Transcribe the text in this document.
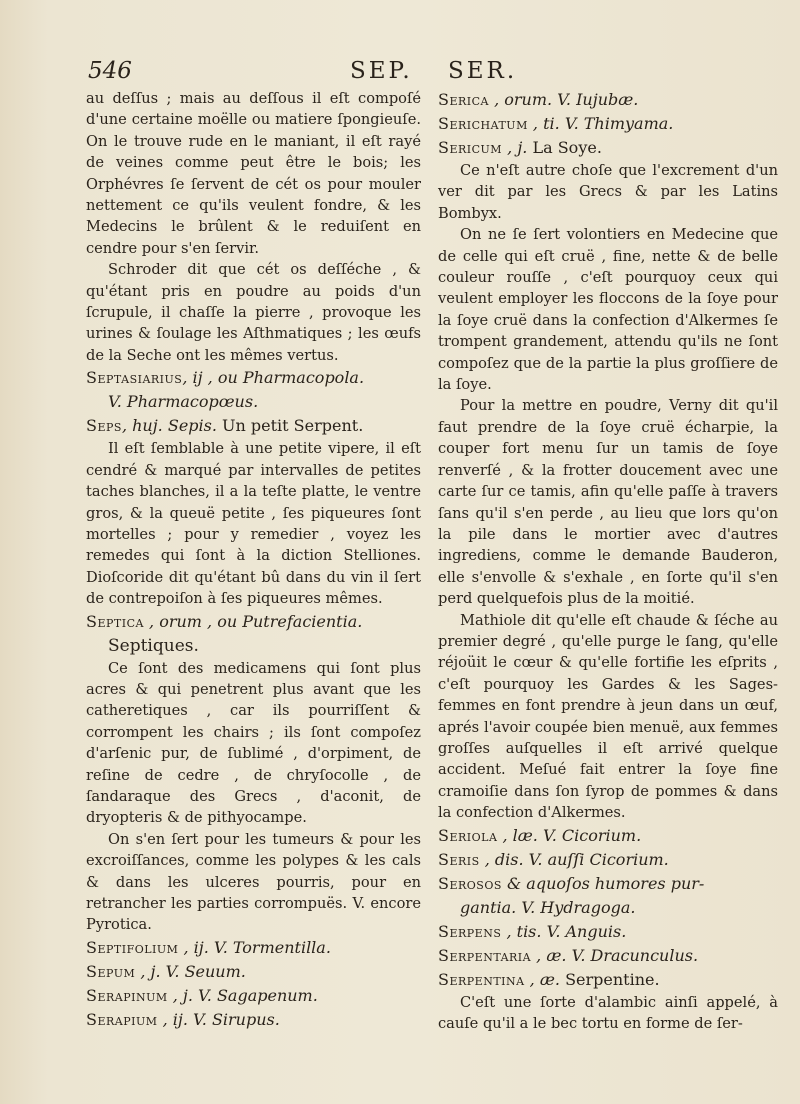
546	SEP. SER.

au deſſus ; mais au deſſous il eſt compoſé d'une certaine moëlle ou matiere ſpongieuſe. On le trouve rude en le maniant, il eſt rayé de veines comme peut être le bois; les Orphévres ſe ſervent de cét os pour mouler nettement ce qu'ils veulent fondre, & les Medecins le brûlent & le reduiſent en cendre pour s'en ſervir.

Schroder dit que cét os deſſéche , & qu'étant pris en poudre au poids d'un ſcrupule, il chaſſe la pierre , provoque les urines & ſoulage les Aſthmatiques ; les œufs de la Seche ont les mêmes vertus.

Septasiarius, ij , ou Pharmacopola.

V. Pharmacopœus.

Seps, huj. Sepis. Un petit Serpent.

Il eſt ſemblable à une petite vipere, il eſt cendré & marqué par intervalles de petites taches blanches, il a la teſte platte, le ventre gros, & la queuë petite , ſes piqueures ſont mortelles ; pour y remedier , voyez les remedes qui ſont à la diction Stelliones. Dioſcoride dit qu'étant bû dans du vin il ſert de contrepoiſon à ſes piqueures mêmes.

Septica , orum , ou Putrefacientia.

Septiques.

Ce ſont des medicamens qui ſont plus acres & qui penetrent plus avant que les catheretiques , car ils pourriſſent & corrompent les chairs ; ils ſont compoſez d'arſenic pur, de ſublimé , d'orpiment, de reſine de cedre , de chryſocolle , de ſandaraque des Grecs , d'aconit, de dryopteris & de pithyocampe.

On s'en ſert pour les tumeurs & pour les excroiſſances, comme les polypes & les cals & dans les ulceres pourris, pour en retrancher les parties corrompuës. V. encore Pyrotica.

Septifolium , ij. V. Tormentilla.

Sepum , j. V. Seuum.

Serapinum , j. V. Sagapenum.

Serapium , ij. V. Sirupus.

Serica , orum. V. Iujubæ.

Serichatum , ti. V. Thimyama.

Sericum , j. La Soye.

Ce n'eſt autre choſe que l'excrement d'un ver dit par les Grecs & par les Latins Bombyx.

On ne ſe ſert volontiers en Medecine que de celle qui eſt cruë , fine, nette & de belle couleur rouſſe , c'eſt pourquoy ceux qui veulent employer les floccons de la ſoye pour la ſoye cruë dans la confection d'Alkermes ſe trompent grandement, attendu qu'ils ne ſont compoſez que de la partie la plus groſſiere de la ſoye.

Pour la mettre en poudre, Verny dit qu'il faut prendre de la ſoye cruë écharpie, la couper fort menu ſur un tamis de ſoye renverſé , & la frotter doucement avec une carte ſur ce tamis, afin qu'elle paſſe à travers ſans qu'il s'en perde , au lieu que lors qu'on la pile dans le mortier avec d'autres ingrediens, comme le demande Bauderon, elle s'envolle & s'exhale , en ſorte qu'il s'en perd quelquefois plus de la moitié.

Mathiole dit qu'elle eſt chaude & ſéche au premier degré , qu'elle purge le ſang, qu'elle réjoüit le cœur & qu'elle fortifie les eſprits , c'eſt pourquoy les Gardes & les Sages-femmes en font prendre à jeun dans un œuf, aprés l'avoir coupée bien menuë, aux femmes groſſes auſquelles il eſt arrivé quelque accident. Meſué fait entrer la ſoye fine cramoiſie dans ſon ſyrop de pommes & dans la confection d'Alkermes.

Seriola , læ. V. Cicorium.

Seris , dis. V. auſſi Cicorium.

Serosos & aquoſos humores pur-

gantia. V. Hydragoga.

Serpens , tis. V. Anguis.

Serpentaria , æ. V. Dracunculus.

Serpentina , æ. Serpentine.

C'eſt une ſorte d'alambic ainſi appelé, à cauſe qu'il a le bec tortu en forme de ſer-
